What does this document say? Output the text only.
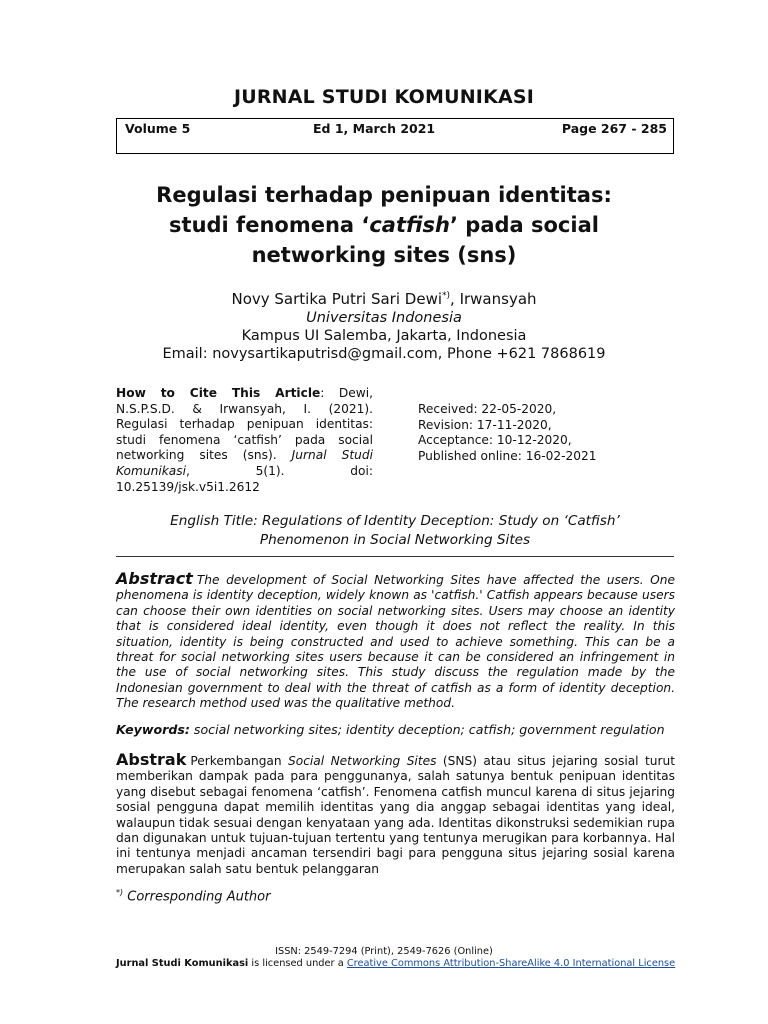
JURNAL STUDI KOMUNIKASI
Volume 5	Ed 1, March 2021	Page 267 - 285
Regulasi terhadap penipuan identitas:
studi fenomena ‘catfish’ pada social
networking sites (sns)
Novy Sartika Putri Sari Dewi*), Irwansyah
Universitas Indonesia
Kampus UI Salemba, Jakarta, Indonesia
Email: novysartikaputrisd@gmail.com, Phone +621 7868619
How to Cite This Article: Dewi, N.S.P.S.D. & Irwansyah, I. (2021). Regulasi terhadap penipuan identitas: studi fenomena ‘catfish’ pada social networking sites (sns). Jurnal Studi Komunikasi, 5(1). doi: 10.25139/jsk.v5i1.2612
Received: 22-05-2020,
Revision: 17-11-2020,
Acceptance: 10-12-2020,
Published online: 16-02-2021
English Title: Regulations of Identity Deception: Study on ‘Catfish’
Phenomenon in Social Networking Sites
Abstract The development of Social Networking Sites have affected the users. One phenomena is identity deception, widely known as 'catfish.' Catfish appears because users can choose their own identities on social networking sites. Users may choose an identity that is considered ideal identity, even though it does not reflect the reality. In this situation, identity is being constructed and used to achieve something. This can be a threat for social networking sites users because it can be considered an infringement in the use of social networking sites. This study discuss the regulation made by the Indonesian government to deal with the threat of catfish as a form of identity deception. The research method used was the qualitative method.
Keywords: social networking sites; identity deception; catfish; government regulation
Abstrak Perkembangan Social Networking Sites (SNS) atau situs jejaring sosial turut memberikan dampak pada para penggunanya, salah satunya bentuk penipuan identitas yang disebut sebagai fenomena ‘catfish’. Fenomena catfish muncul karena di situs jejaring sosial pengguna dapat memilih identitas yang dia anggap sebagai identitas yang ideal, walaupun tidak sesuai dengan kenyataan yang ada. Identitas dikonstruksi sedemikian rupa dan digunakan untuk tujuan-tujuan tertentu yang tentunya merugikan para korbannya. Hal ini tentunya menjadi ancaman tersendiri bagi para pengguna situs jejaring sosial karena merupakan salah satu bentuk pelanggaran
*) Corresponding Author
ISSN: 2549-7294 (Print), 2549-7626 (Online)
Jurnal Studi Komunikasi is licensed under a Creative Commons Attribution-ShareAlike 4.0 International License
